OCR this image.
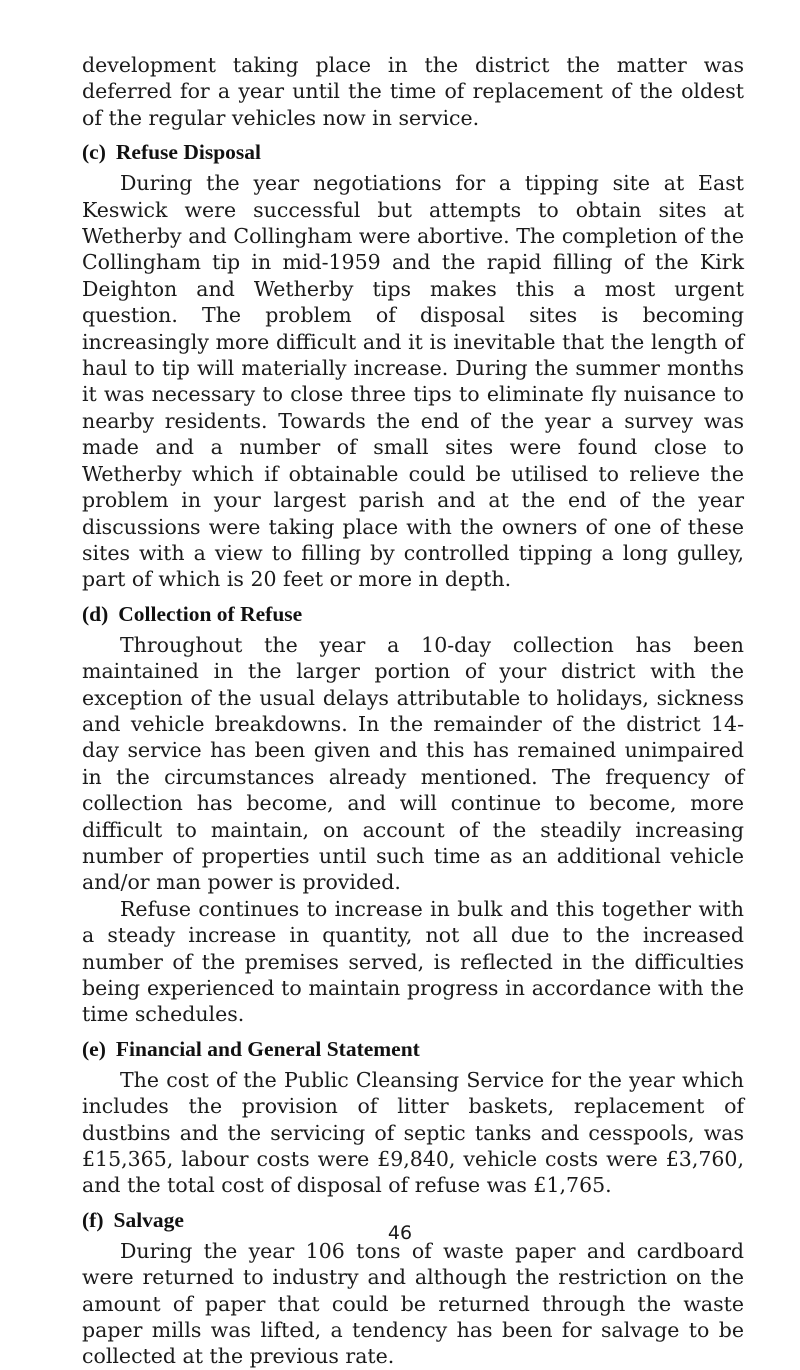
development taking place in the district the matter was deferred for a year until the time of replacement of the oldest of the regular vehicles now in service.

(c) Refuse Disposal

During the year negotiations for a tipping site at East Keswick were successful but attempts to obtain sites at Wetherby and Collingham were abortive. The completion of the Collingham tip in mid-1959 and the rapid filling of the Kirk Deighton and Wetherby tips makes this a most urgent question. The problem of disposal sites is becoming increasingly more difficult and it is inevitable that the length of haul to tip will materially increase. During the summer months it was necessary to close three tips to eliminate fly nuisance to nearby residents. Towards the end of the year a survey was made and a number of small sites were found close to Wetherby which if obtainable could be utilised to relieve the problem in your largest parish and at the end of the year discussions were taking place with the owners of one of these sites with a view to filling by controlled tipping a long gulley, part of which is 20 feet or more in depth.

(d) Collection of Refuse

Throughout the year a 10-day collection has been maintained in the larger portion of your district with the exception of the usual delays attributable to holidays, sickness and vehicle breakdowns. In the remainder of the district 14-day service has been given and this has remained unimpaired in the circumstances already mentioned. The frequency of collection has become, and will continue to become, more difficult to maintain, on account of the steadily increasing number of properties until such time as an additional vehicle and/or man power is provided.

Refuse continues to increase in bulk and this together with a steady increase in quantity, not all due to the increased number of the premises served, is reflected in the difficulties being experienced to maintain progress in accordance with the time schedules.

(e) Financial and General Statement

The cost of the Public Cleansing Service for the year which includes the provision of litter baskets, replacement of dustbins and the servicing of septic tanks and cesspools, was £15,365, labour costs were £9,840, vehicle costs were £3,760, and the total cost of disposal of refuse was £1,765.

(f) Salvage

During the year 106 tons of waste paper and cardboard were returned to industry and although the restriction on the amount of paper that could be returned through the waste paper mills was lifted, a tendency has been for salvage to be collected at the previous rate.

46
